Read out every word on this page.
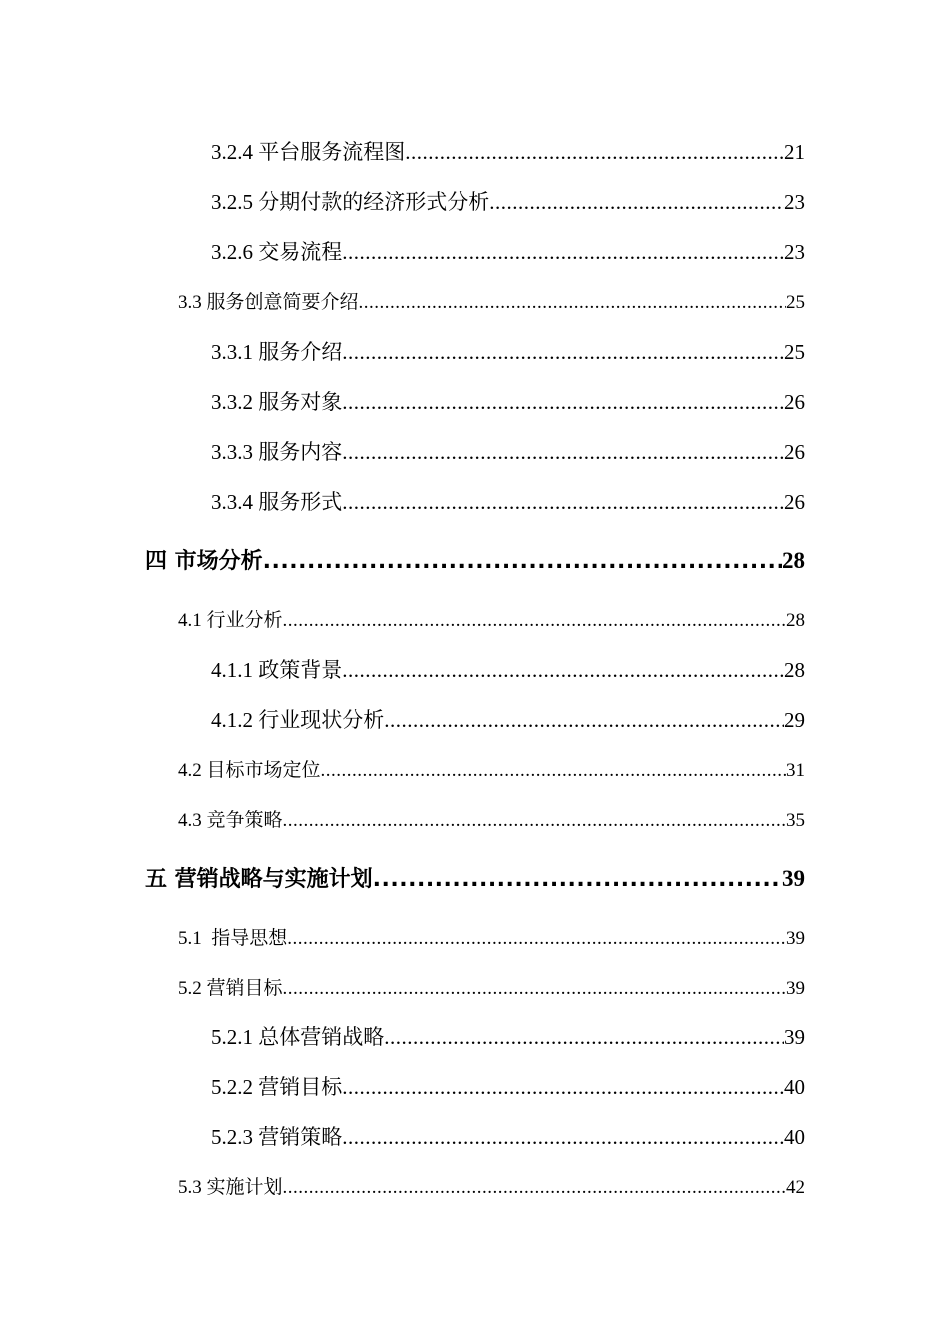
3.2.4 平台服务流程图 .....	21
3.2.5 分期付款的经济形式分析 .....	23
3.2.6 交易流程 .....	23
3.3 服务创意简要介绍 .....	25
3.3.1 服务介绍 .....	25
3.3.2 服务对象 .....	26
3.3.3 服务内容 .....	26
3.3.4 服务形式 .....	26
四 市场分析 .....	28
4.1 行业分析 .....	28
4.1.1 政策背景 .....	28
4.1.2 行业现状分析 .....	29
4.2 目标市场定位 .....	31
4.3 竞争策略 .....	35
五 营销战略与实施计划 .....	39
5.1  指导思想 .....	39
5.2 营销目标 .....	39
5.2.1 总体营销战略 .....	39
5.2.2 营销目标 .....	40
5.2.3 营销策略 .....	40
5.3 实施计划 .....	42
